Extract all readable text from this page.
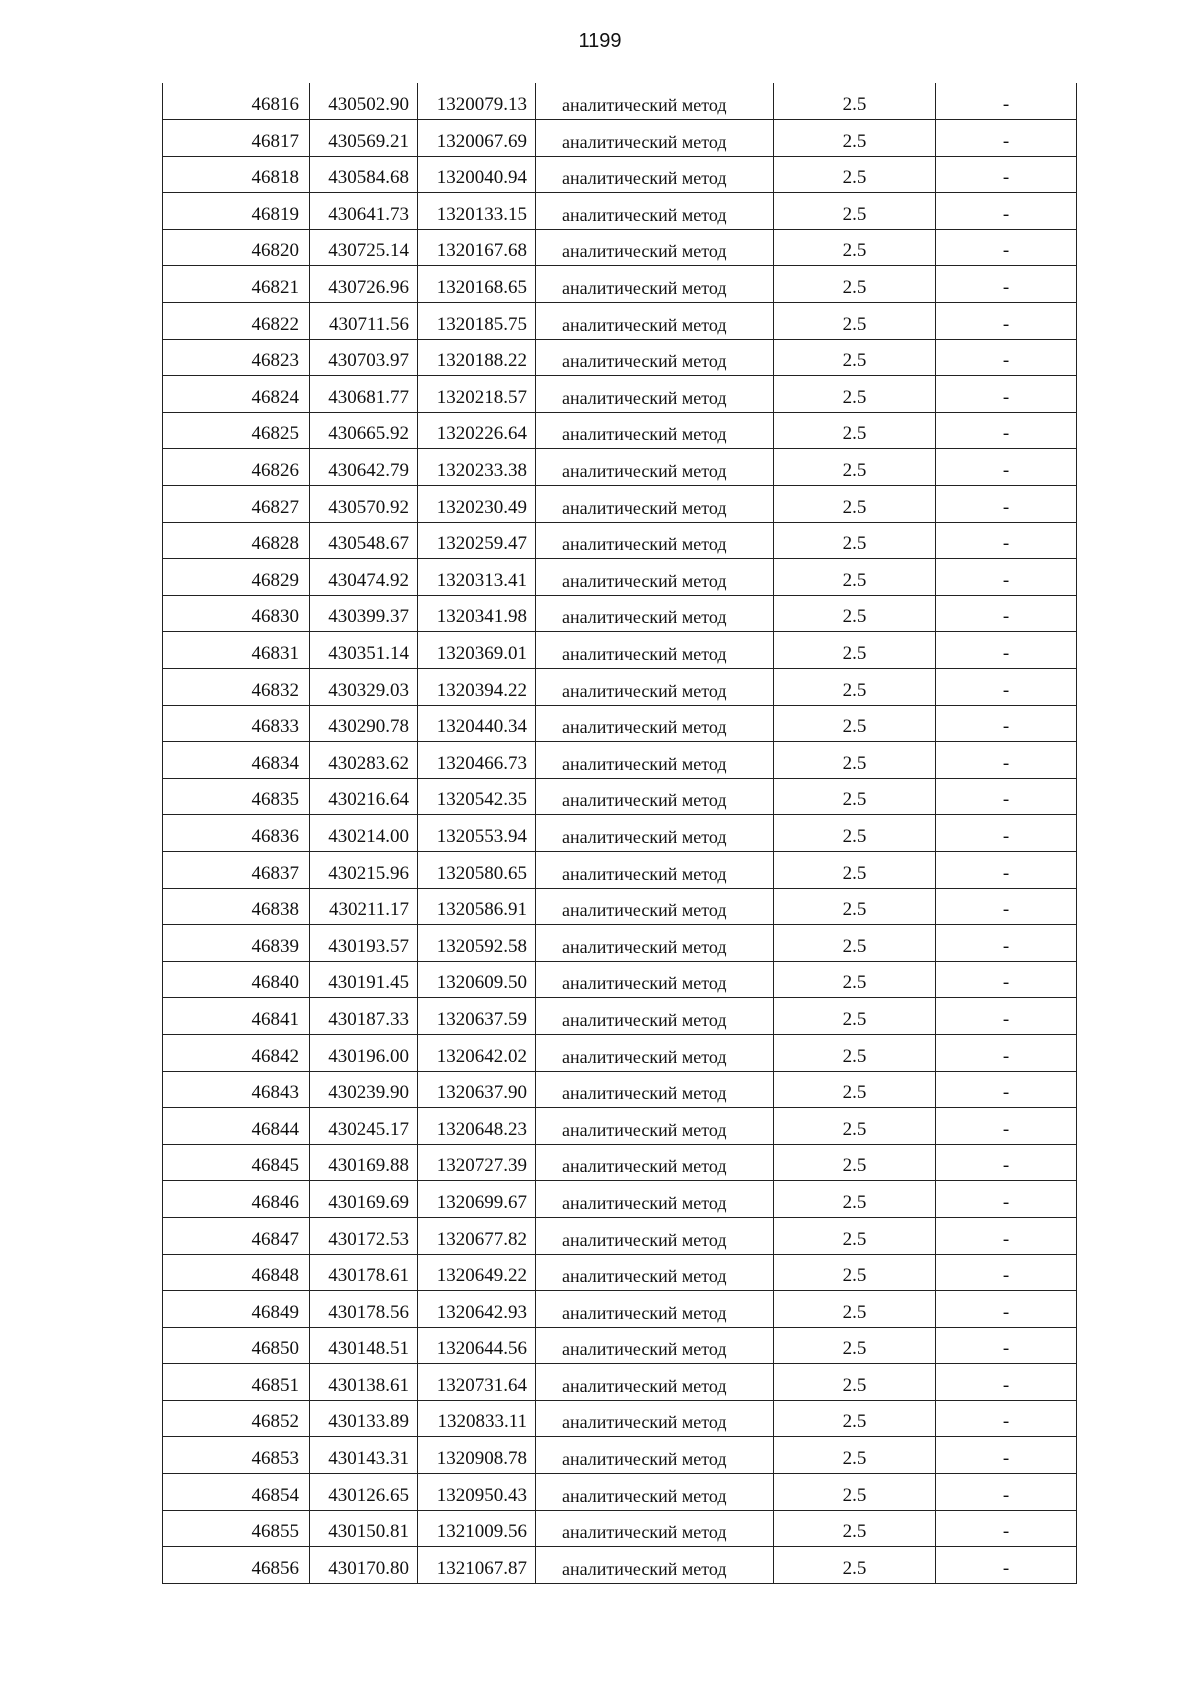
1199
46816	430502.90	1320079.13	аналитический метод	2.5	-
46817	430569.21	1320067.69	аналитический метод	2.5	-
46818	430584.68	1320040.94	аналитический метод	2.5	-
46819	430641.73	1320133.15	аналитический метод	2.5	-
46820	430725.14	1320167.68	аналитический метод	2.5	-
46821	430726.96	1320168.65	аналитический метод	2.5	-
46822	430711.56	1320185.75	аналитический метод	2.5	-
46823	430703.97	1320188.22	аналитический метод	2.5	-
46824	430681.77	1320218.57	аналитический метод	2.5	-
46825	430665.92	1320226.64	аналитический метод	2.5	-
46826	430642.79	1320233.38	аналитический метод	2.5	-
46827	430570.92	1320230.49	аналитический метод	2.5	-
46828	430548.67	1320259.47	аналитический метод	2.5	-
46829	430474.92	1320313.41	аналитический метод	2.5	-
46830	430399.37	1320341.98	аналитический метод	2.5	-
46831	430351.14	1320369.01	аналитический метод	2.5	-
46832	430329.03	1320394.22	аналитический метод	2.5	-
46833	430290.78	1320440.34	аналитический метод	2.5	-
46834	430283.62	1320466.73	аналитический метод	2.5	-
46835	430216.64	1320542.35	аналитический метод	2.5	-
46836	430214.00	1320553.94	аналитический метод	2.5	-
46837	430215.96	1320580.65	аналитический метод	2.5	-
46838	430211.17	1320586.91	аналитический метод	2.5	-
46839	430193.57	1320592.58	аналитический метод	2.5	-
46840	430191.45	1320609.50	аналитический метод	2.5	-
46841	430187.33	1320637.59	аналитический метод	2.5	-
46842	430196.00	1320642.02	аналитический метод	2.5	-
46843	430239.90	1320637.90	аналитический метод	2.5	-
46844	430245.17	1320648.23	аналитический метод	2.5	-
46845	430169.88	1320727.39	аналитический метод	2.5	-
46846	430169.69	1320699.67	аналитический метод	2.5	-
46847	430172.53	1320677.82	аналитический метод	2.5	-
46848	430178.61	1320649.22	аналитический метод	2.5	-
46849	430178.56	1320642.93	аналитический метод	2.5	-
46850	430148.51	1320644.56	аналитический метод	2.5	-
46851	430138.61	1320731.64	аналитический метод	2.5	-
46852	430133.89	1320833.11	аналитический метод	2.5	-
46853	430143.31	1320908.78	аналитический метод	2.5	-
46854	430126.65	1320950.43	аналитический метод	2.5	-
46855	430150.81	1321009.56	аналитический метод	2.5	-
46856	430170.80	1321067.87	аналитический метод	2.5	-
